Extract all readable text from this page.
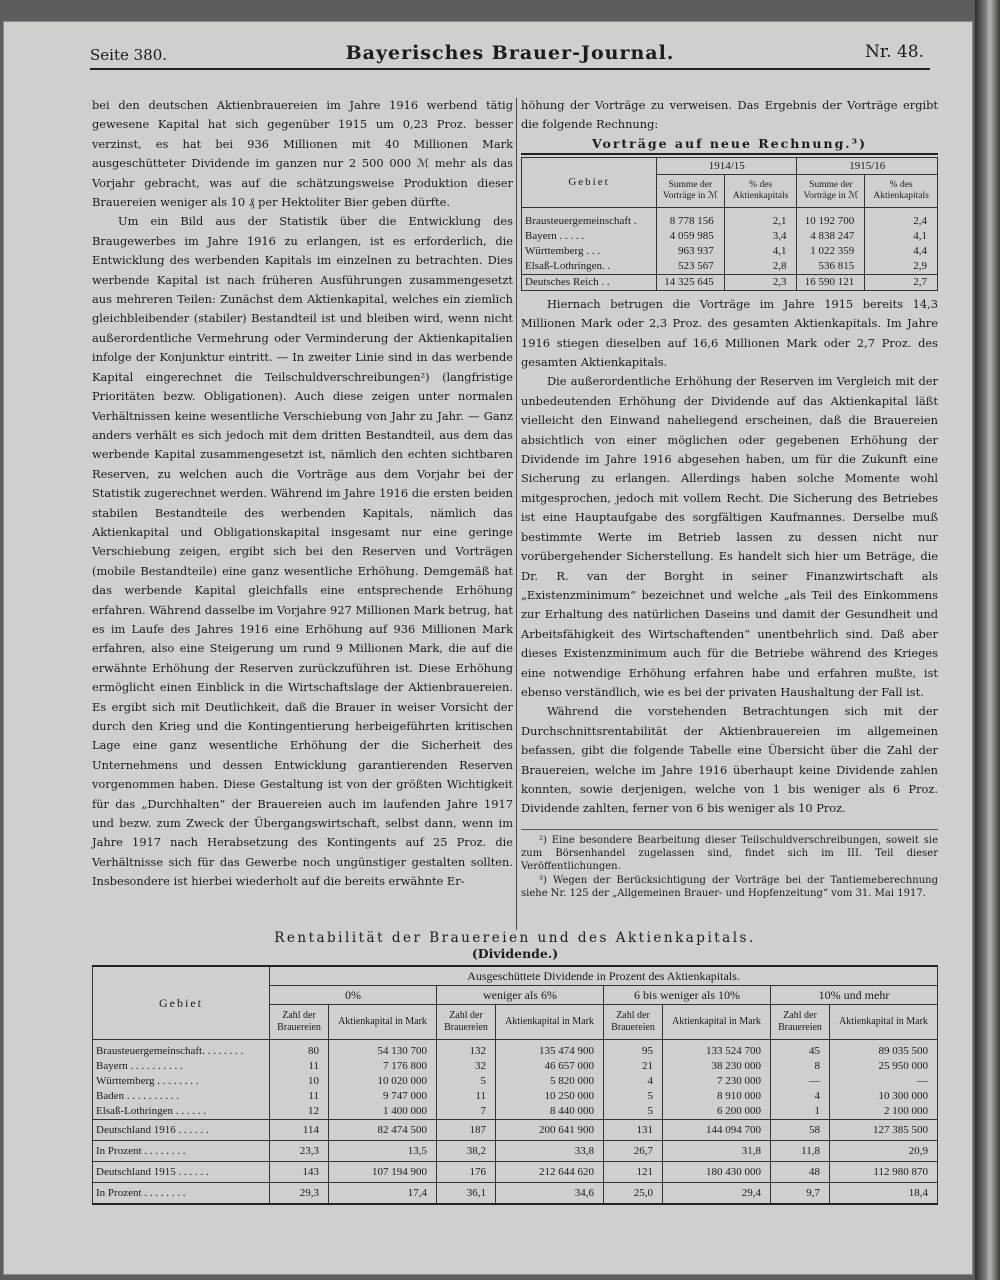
Seite 380.	Bayerisches Brauer-Journal.	Nr. 48.

bei den deutschen Aktienbrauereien im Jahre 1916 werbend tätig gewesene Kapital hat sich gegenüber 1915 um 0,23 Proz. besser verzinst, es hat bei 936 Millionen mit 40 Millionen Mark ausgeschütteter Dividende im ganzen nur 2 500 000 ℳ mehr als das Vorjahr gebracht, was auf die schätzungsweise Produktion dieser Brauereien weniger als 10 ₰ per Hektoliter Bier geben dürfte.

Um ein Bild aus der Statistik über die Entwicklung des Braugewerbes im Jahre 1916 zu erlangen, ist es erforderlich, die Entwicklung des werbenden Kapitals im einzelnen zu betrachten. Dies werbende Kapital ist nach früheren Ausführungen zusammengesetzt aus mehreren Teilen: Zunächst dem Aktienkapital, welches ein ziemlich gleichbleibender (stabiler) Bestandteil ist und bleiben wird, wenn nicht außerordentliche Vermehrung oder Verminderung der Aktienkapitalien infolge der Konjunktur eintritt. — In zweiter Linie sind in das werbende Kapital eingerechnet die Teilschuldverschreibungen²) (langfristige Prioritäten bezw. Obligationen). Auch diese zeigen unter normalen Verhältnissen keine wesentliche Verschiebung von Jahr zu Jahr. — Ganz anders verhält es sich jedoch mit dem dritten Bestandteil, aus dem das werbende Kapital zusammengesetzt ist, nämlich den echten sichtbaren Reserven, zu welchen auch die Vorträge aus dem Vorjahr bei der Statistik zugerechnet werden. Während im Jahre 1916 die ersten beiden stabilen Bestandteile des werbenden Kapitals, nämlich das Aktienkapital und Obligationskapital insgesamt nur eine geringe Verschiebung zeigen, ergibt sich bei den Reserven und Vorträgen (mobile Bestandteile) eine ganz wesentliche Erhöhung. Demgemäß hat das werbende Kapital gleichfalls eine entsprechende Erhöhung erfahren. Während dasselbe im Vorjahre 927 Millionen Mark betrug, hat es im Laufe des Jahres 1916 eine Erhöhung auf 936 Millionen Mark erfahren, also eine Steigerung um rund 9 Millionen Mark, die auf die erwähnte Erhöhung der Reserven zurückzuführen ist. Diese Erhöhung ermöglicht einen Einblick in die Wirtschaftslage der Aktienbrauereien. Es ergibt sich mit Deutlichkeit, daß die Brauer in weiser Vorsicht der durch den Krieg und die Kontingentierung herbeigeführten kritischen Lage eine ganz wesentliche Erhöhung der die Sicherheit des Unternehmens und dessen Entwicklung garantierenden Reserven vorgenommen haben. Diese Gestaltung ist von der größten Wichtigkeit für das „Durchhalten“ der Brauereien auch im laufenden Jahre 1917 und bezw. zum Zweck der Übergangswirtschaft, selbst dann, wenn im Jahre 1917 nach Herabsetzung des Kontingents auf 25 Proz. die Verhältnisse sich für das Gewerbe noch ungünstiger gestalten sollten. Insbesondere ist hierbei wiederholt auf die bereits erwähnte Er-

höhung der Vorträge zu verweisen. Das Ergebnis der Vorträge ergibt die folgende Rechnung:

Vorträge auf neue Rechnung.³)
Gebiet	1914/15		1915/16	
	Summe der Vorträge in ℳ	% des Aktienkapitals	Summe der Vorträge in ℳ	% des Aktienkapitals
Brausteuergemeinschaft .	8 778 156	2,1	10 192 700	2,4
Bayern . . . . .	4 059 985	3,4	4 838 247	4,1
Württemberg . . .	963 937	4,1	1 022 359	4,4
Elsaß-Lothringen. .	523 567	2,8	536 815	2,9
Deutsches Reich . .	14 325 645	2,3	16 590 121	2,7

Hiernach betrugen die Vorträge im Jahre 1915 bereits 14,3 Millionen Mark oder 2,3 Proz. des gesamten Aktienkapitals. Im Jahre 1916 stiegen dieselben auf 16,6 Millionen Mark oder 2,7 Proz. des gesamten Aktienkapitals.

Die außerordentliche Erhöhung der Reserven im Vergleich mit der unbedeutenden Erhöhung der Dividende auf das Aktienkapital läßt vielleicht den Einwand naheliegend erscheinen, daß die Brauereien absichtlich von einer möglichen oder gegebenen Erhöhung der Dividende im Jahre 1916 abgesehen haben, um für die Zukunft eine Sicherung zu erlangen. Allerdings haben solche Momente wohl mitgesprochen, jedoch mit vollem Recht. Die Sicherung des Betriebes ist eine Hauptaufgabe des sorgfältigen Kaufmannes. Derselbe muß bestimmte Werte im Betrieb lassen zu dessen nicht nur vorübergehender Sicherstellung. Es handelt sich hier um Beträge, die Dr. R. van der Borght in seiner Finanzwirtschaft als „Existenzminimum“ bezeichnet und welche „als Teil des Einkommens zur Erhaltung des natürlichen Daseins und damit der Gesundheit und Arbeitsfähigkeit des Wirtschaftenden“ unentbehrlich sind. Daß aber dieses Existenzminimum auch für die Betriebe während des Krieges eine notwendige Erhöhung erfahren habe und erfahren mußte, ist ebenso verständlich, wie es bei der privaten Haushaltung der Fall ist.

Während die vorstehenden Betrachtungen sich mit der Durchschnittsrentabilität der Aktienbrauereien im allgemeinen befassen, gibt die folgende Tabelle eine Übersicht über die Zahl der Brauereien, welche im Jahre 1916 überhaupt keine Dividende zahlen konnten, sowie derjenigen, welche von 1 bis weniger als 6 Proz. Dividende zahlten, ferner von 6 bis weniger als 10 Proz.

²) Eine besondere Bearbeitung dieser Teilschuldverschreibungen, soweit sie zum Börsenhandel zugelassen sind, findet sich im III. Teil dieser Veröffentlichungen.

³) Wegen der Berücksichtigung der Vorträge bei der Tantiemeberechnung siehe Nr. 125 der „Allgemeinen Brauer- und Hopfenzeitung“ vom 31. Mai 1917.

Rentabilität der Brauereien und des Aktienkapitals.
(Dividende.)
Gebiet	Ausgeschüttete Dividende in Prozent des Aktienkapitals.							
	0%		weniger als 6%		6 bis weniger als 10%		10% und mehr	
	Zahl der Brauereien	Aktienkapital in Mark	Zahl der Brauereien	Aktienkapital in Mark	Zahl der Brauereien	Aktienkapital in Mark	Zahl der Brauereien	Aktienkapital in Mark
Brausteuergemeinschaft. . . . . . . .	80	54 130 700	132	135 474 900	95	133 524 700	45	89 035 500
Bayern . . . . . . . . . .	11	7 176 800	32	46 657 000	21	38 230 000	8	25 950 000
Württemberg . . . . . . . .	10	10 020 000	5	5 820 000	4	7 230 000	—	—
Baden . . . . . . . . . .	11	9 747 000	11	10 250 000	5	8 910 000	4	10 300 000
Elsaß-Lothringen . . . . . .	12	1 400 000	7	8 440 000	5	6 200 000	1	2 100 000
Deutschland 1916 . . . . . .	114	82 474 500	187	200 641 900	131	144 094 700	58	127 385 500
In Prozent . . . . . . . .	23,3	13,5	38,2	33,8	26,7	31,8	11,8	20,9
Deutschland 1915 . . . . . .	143	107 194 900	176	212 644 620	121	180 430 000	48	112 980 870
In Prozent . . . . . . . .	29,3	17,4	36,1	34,6	25,0	29,4	9,7	18,4
